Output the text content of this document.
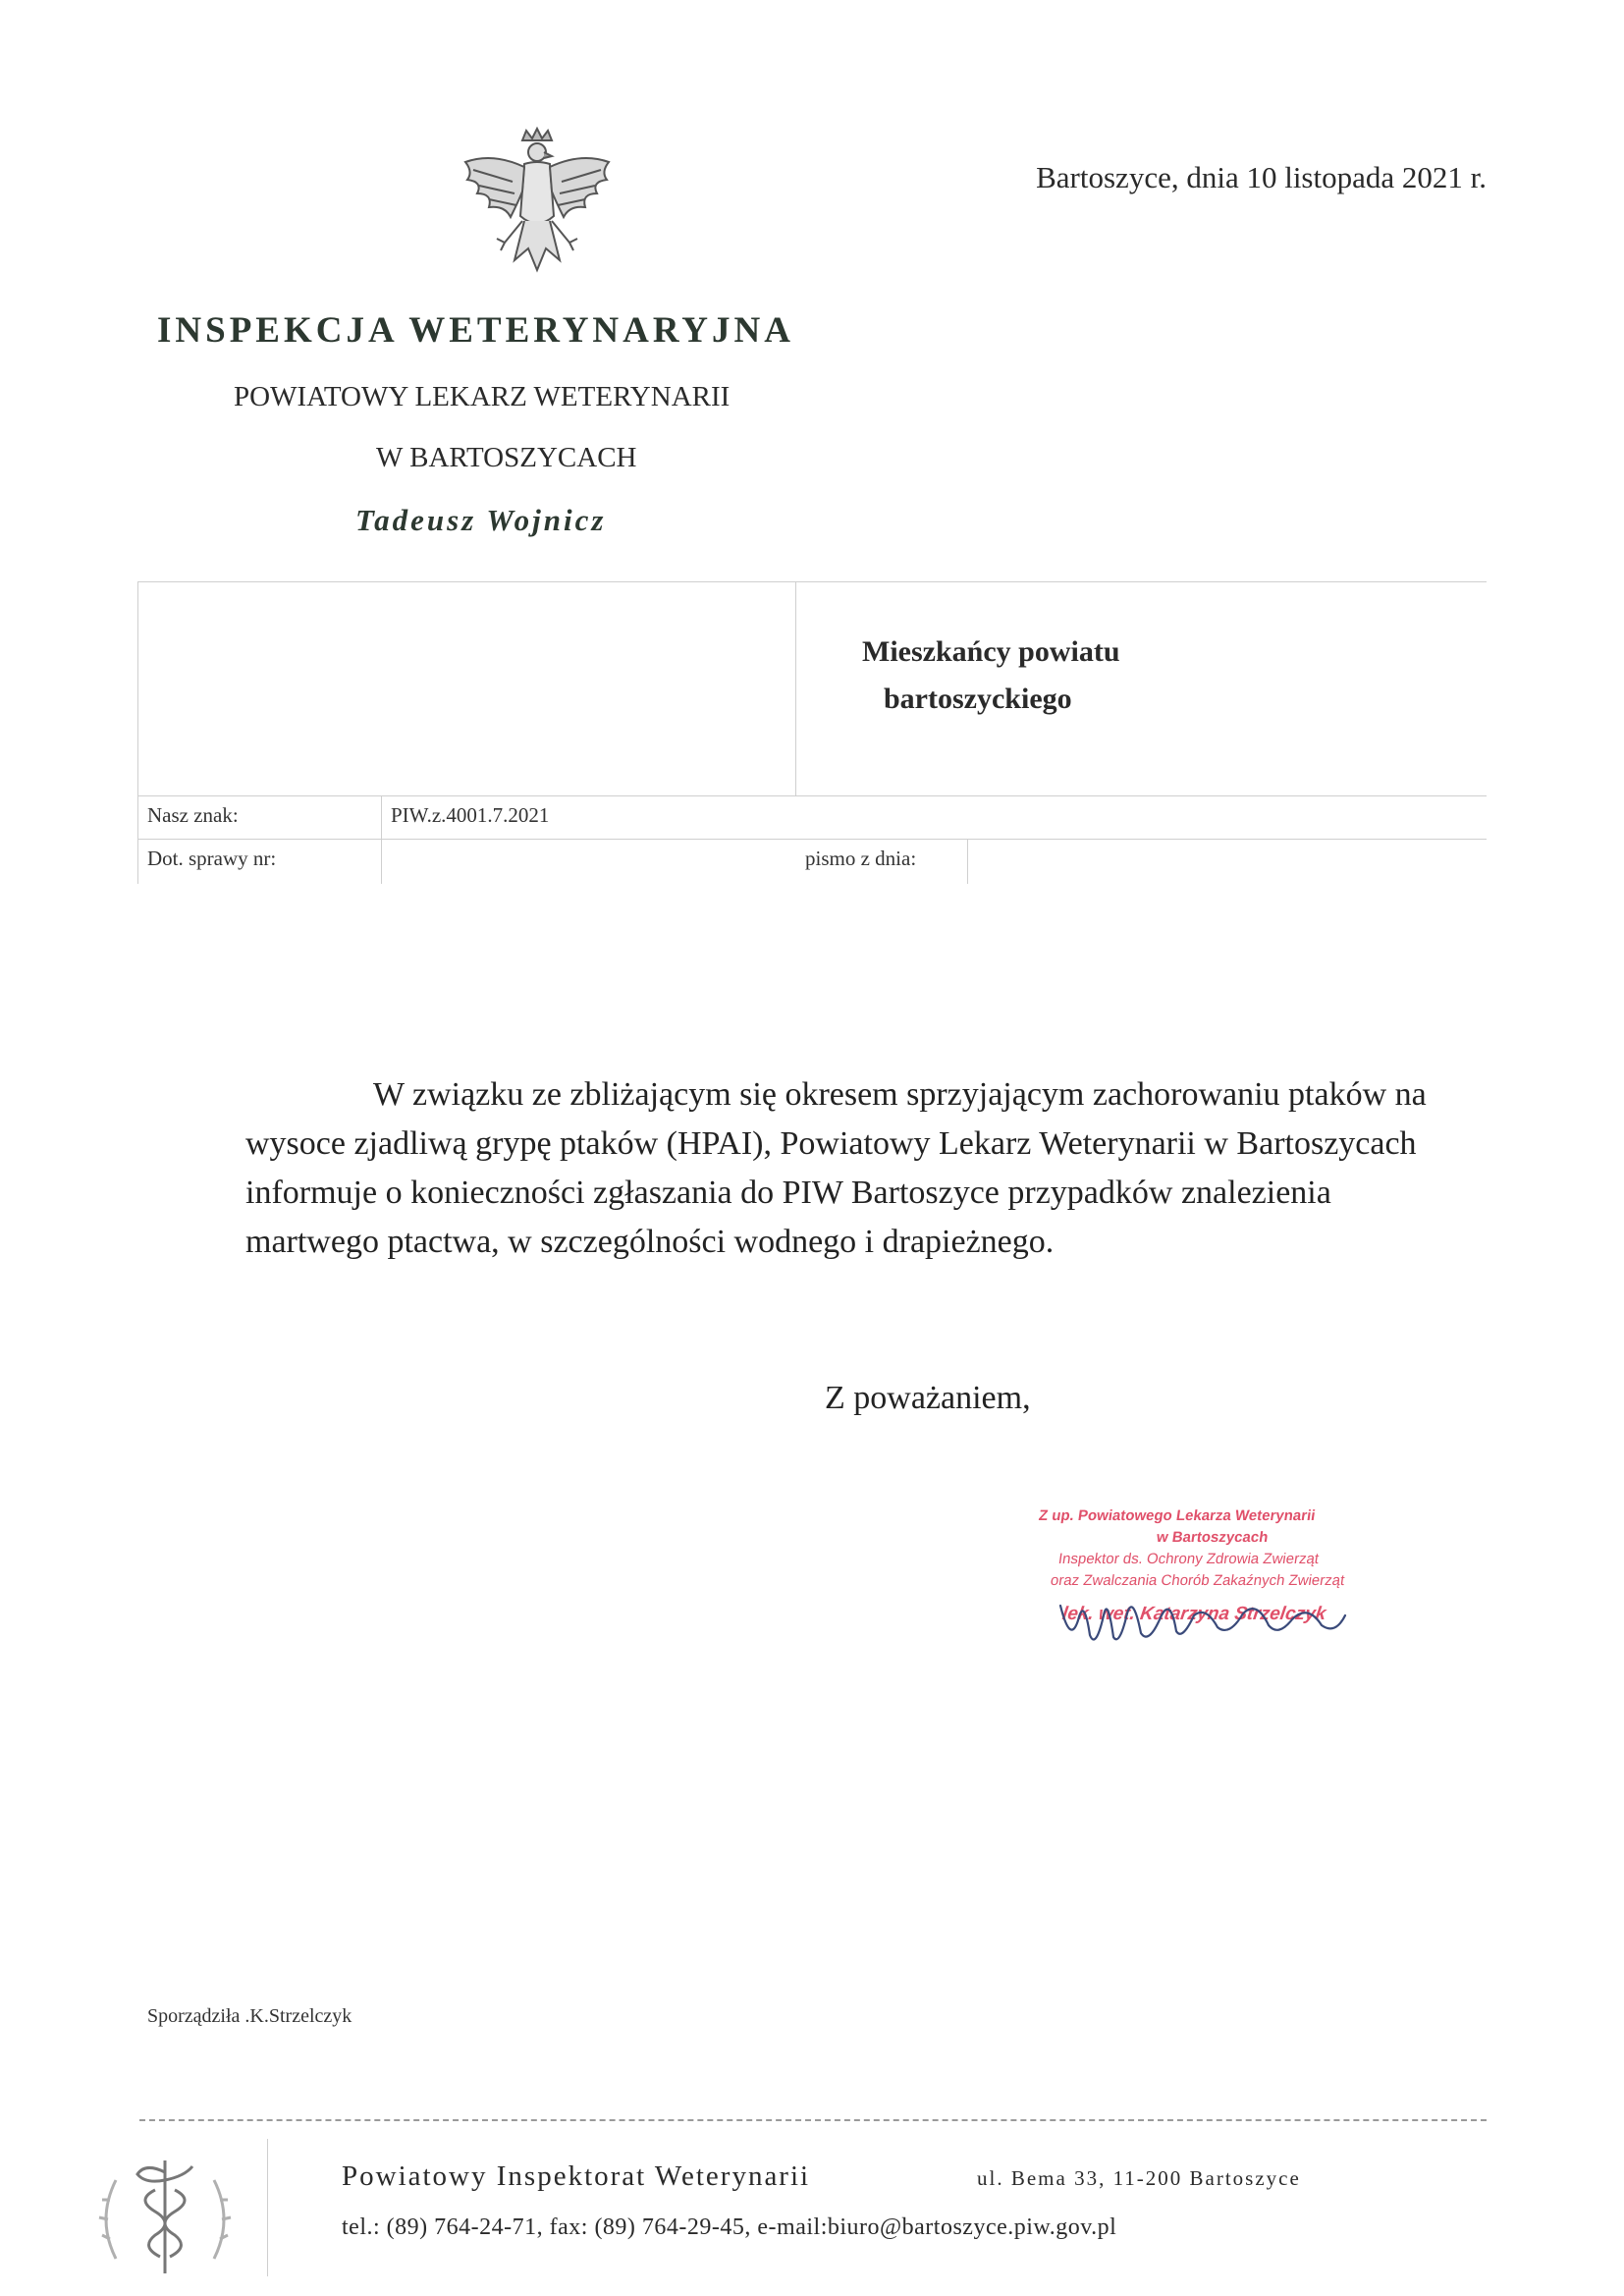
Bartoszyce, dnia 10 listopada 2021 r.
INSPEKCJA WETERYNARYJNA
POWIATOWY LEKARZ WETERYNARII
W BARTOSZYCACH
Tadeusz Wojnicz
Nasz znak:	PIW.z.4001.7.2021
Dot. sprawy nr:	pismo z dnia:
Mieszkańcy powiatu
bartoszyckiego

W związku ze zbliżającym się okresem sprzyjającym zachorowaniu ptaków na wysoce zjadliwą grypę ptaków (HPAI), Powiatowy Lekarz Weterynarii w Bartoszycach informuje o konieczności zgłaszania do PIW Bartoszyce przypadków znalezienia martwego ptactwa, w szczególności wodnego i drapieżnego.

Z poważaniem,
Z up. Powiatowego Lekarza Weterynarii
w Bartoszycach
Inspektor ds. Ochrony Zdrowia Zwierząt
oraz Zwalczania Chorób Zakaźnych Zwierząt
lek. wet. Katarzyna Strzelczyk
Sporządziła .K.Strzelczyk
Powiatowy Inspektorat Weterynarii	ul. Bema 33, 11-200 Bartoszyce
tel.: (89) 764-24-71, fax: (89) 764-29-45, e-mail:biuro@bartoszyce.piw.gov.pl
